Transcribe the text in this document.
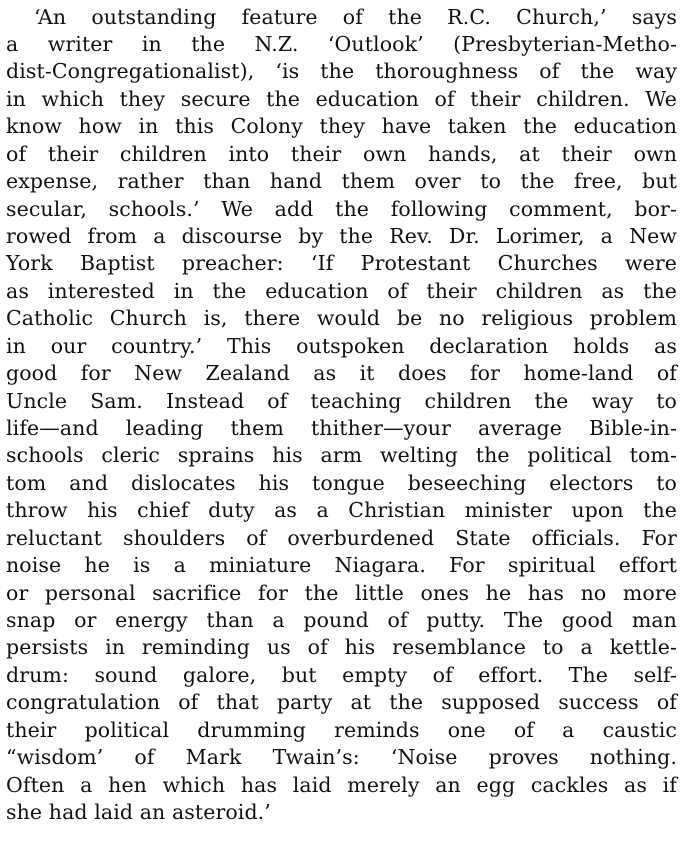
‘An outstanding feature of the R.C. Church,’ says
a writer in the N.Z. ‘Outlook’ (Presbyterian-Metho-
dist-Congregationalist), ‘is the thoroughness of the way
in which they secure the education of their children. We
know how in this Colony they have taken the education
of their children into their own hands, at their own
expense, rather than hand them over to the free, but
secular, schools.’ We add the following comment, bor-
rowed from a discourse by the Rev. Dr. Lorimer, a New
York Baptist preacher: ‘If Protestant Churches were
as interested in the education of their children as the
Catholic Church is, there would be no religious problem
in our country.’ This outspoken declaration holds as
good for New Zealand as it does for home-land of
Uncle Sam. Instead of teaching children the way to
life—and leading them thither—your average Bible-in-
schools cleric sprains his arm welting the political tom-
tom and dislocates his tongue beseeching electors to
throw his chief duty as a Christian minister upon the
reluctant shoulders of overburdened State officials. For
noise he is a miniature Niagara. For spiritual effort
or personal sacrifice for the little ones he has no more
snap or energy than a pound of putty. The good man
persists in reminding us of his resemblance to a kettle-
drum: sound galore, but empty of effort. The self-
congratulation of that party at the supposed success of
their political drumming reminds one of a caustic
“wisdom’ of Mark Twain’s: ‘Noise proves nothing.
Often a hen which has laid merely an egg cackles as if
she had laid an asteroid.’
